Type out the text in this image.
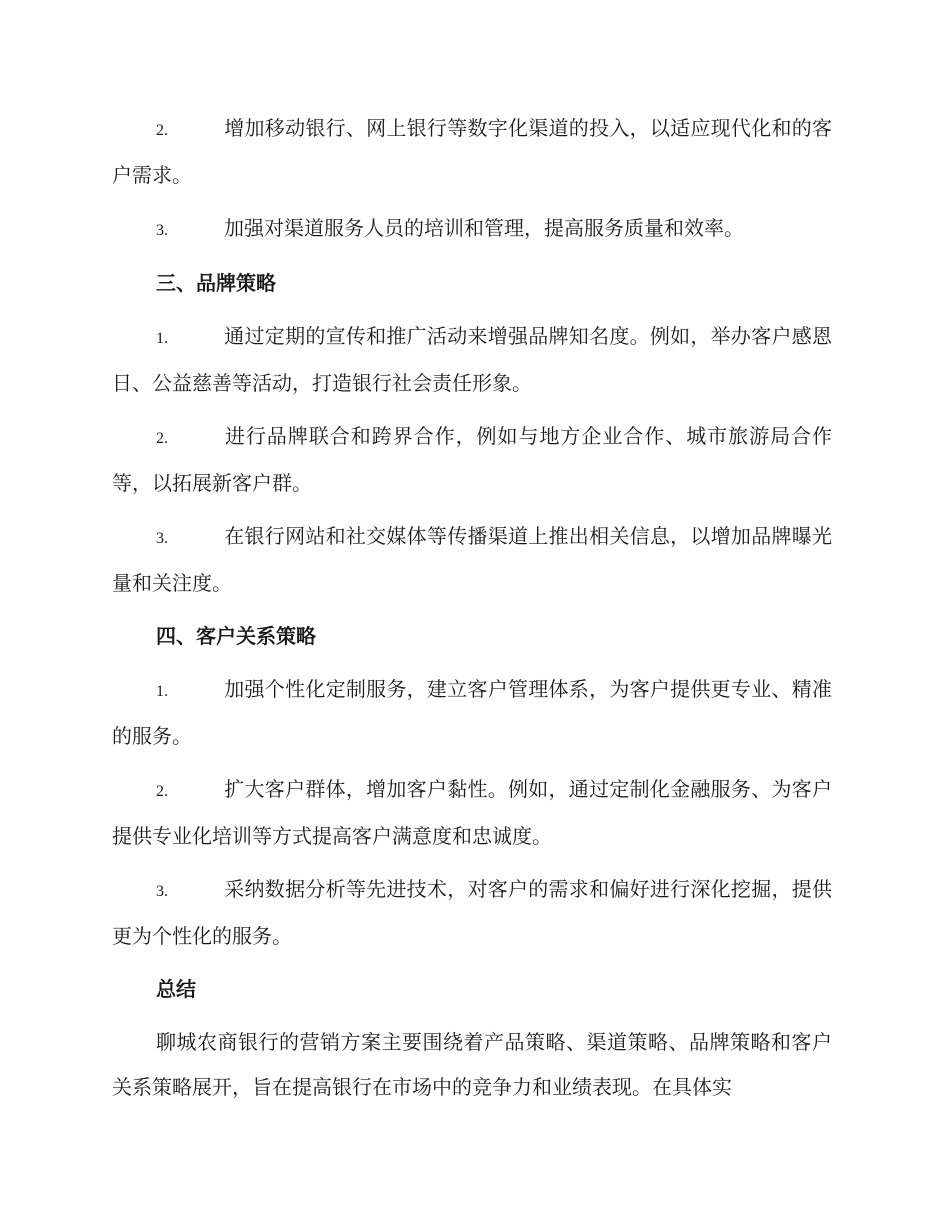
2.	增加移动银行、网上银行等数字化渠道的投入，以适应现代化和的客户需求。

3.	加强对渠道服务人员的培训和管理，提高服务质量和效率。

三、品牌策略

1.	通过定期的宣传和推广活动来增强品牌知名度。例如，举办客户感恩日、公益慈善等活动，打造银行社会责任形象。

2.	进行品牌联合和跨界合作，例如与地方企业合作、城市旅游局合作等，以拓展新客户群。

3.	在银行网站和社交媒体等传播渠道上推出相关信息，以增加品牌曝光量和关注度。

四、客户关系策略

1.	加强个性化定制服务，建立客户管理体系，为客户提供更专业、精准的服务。

2.	扩大客户群体，增加客户黏性。例如，通过定制化金融服务、为客户提供专业化培训等方式提高客户满意度和忠诚度。

3.	采纳数据分析等先进技术，对客户的需求和偏好进行深化挖掘，提供更为个性化的服务。

总结

聊城农商银行的营销方案主要围绕着产品策略、渠道策略、品牌策略和客户关系策略展开，旨在提高银行在市场中的竞争力和业绩表现。在具体实
